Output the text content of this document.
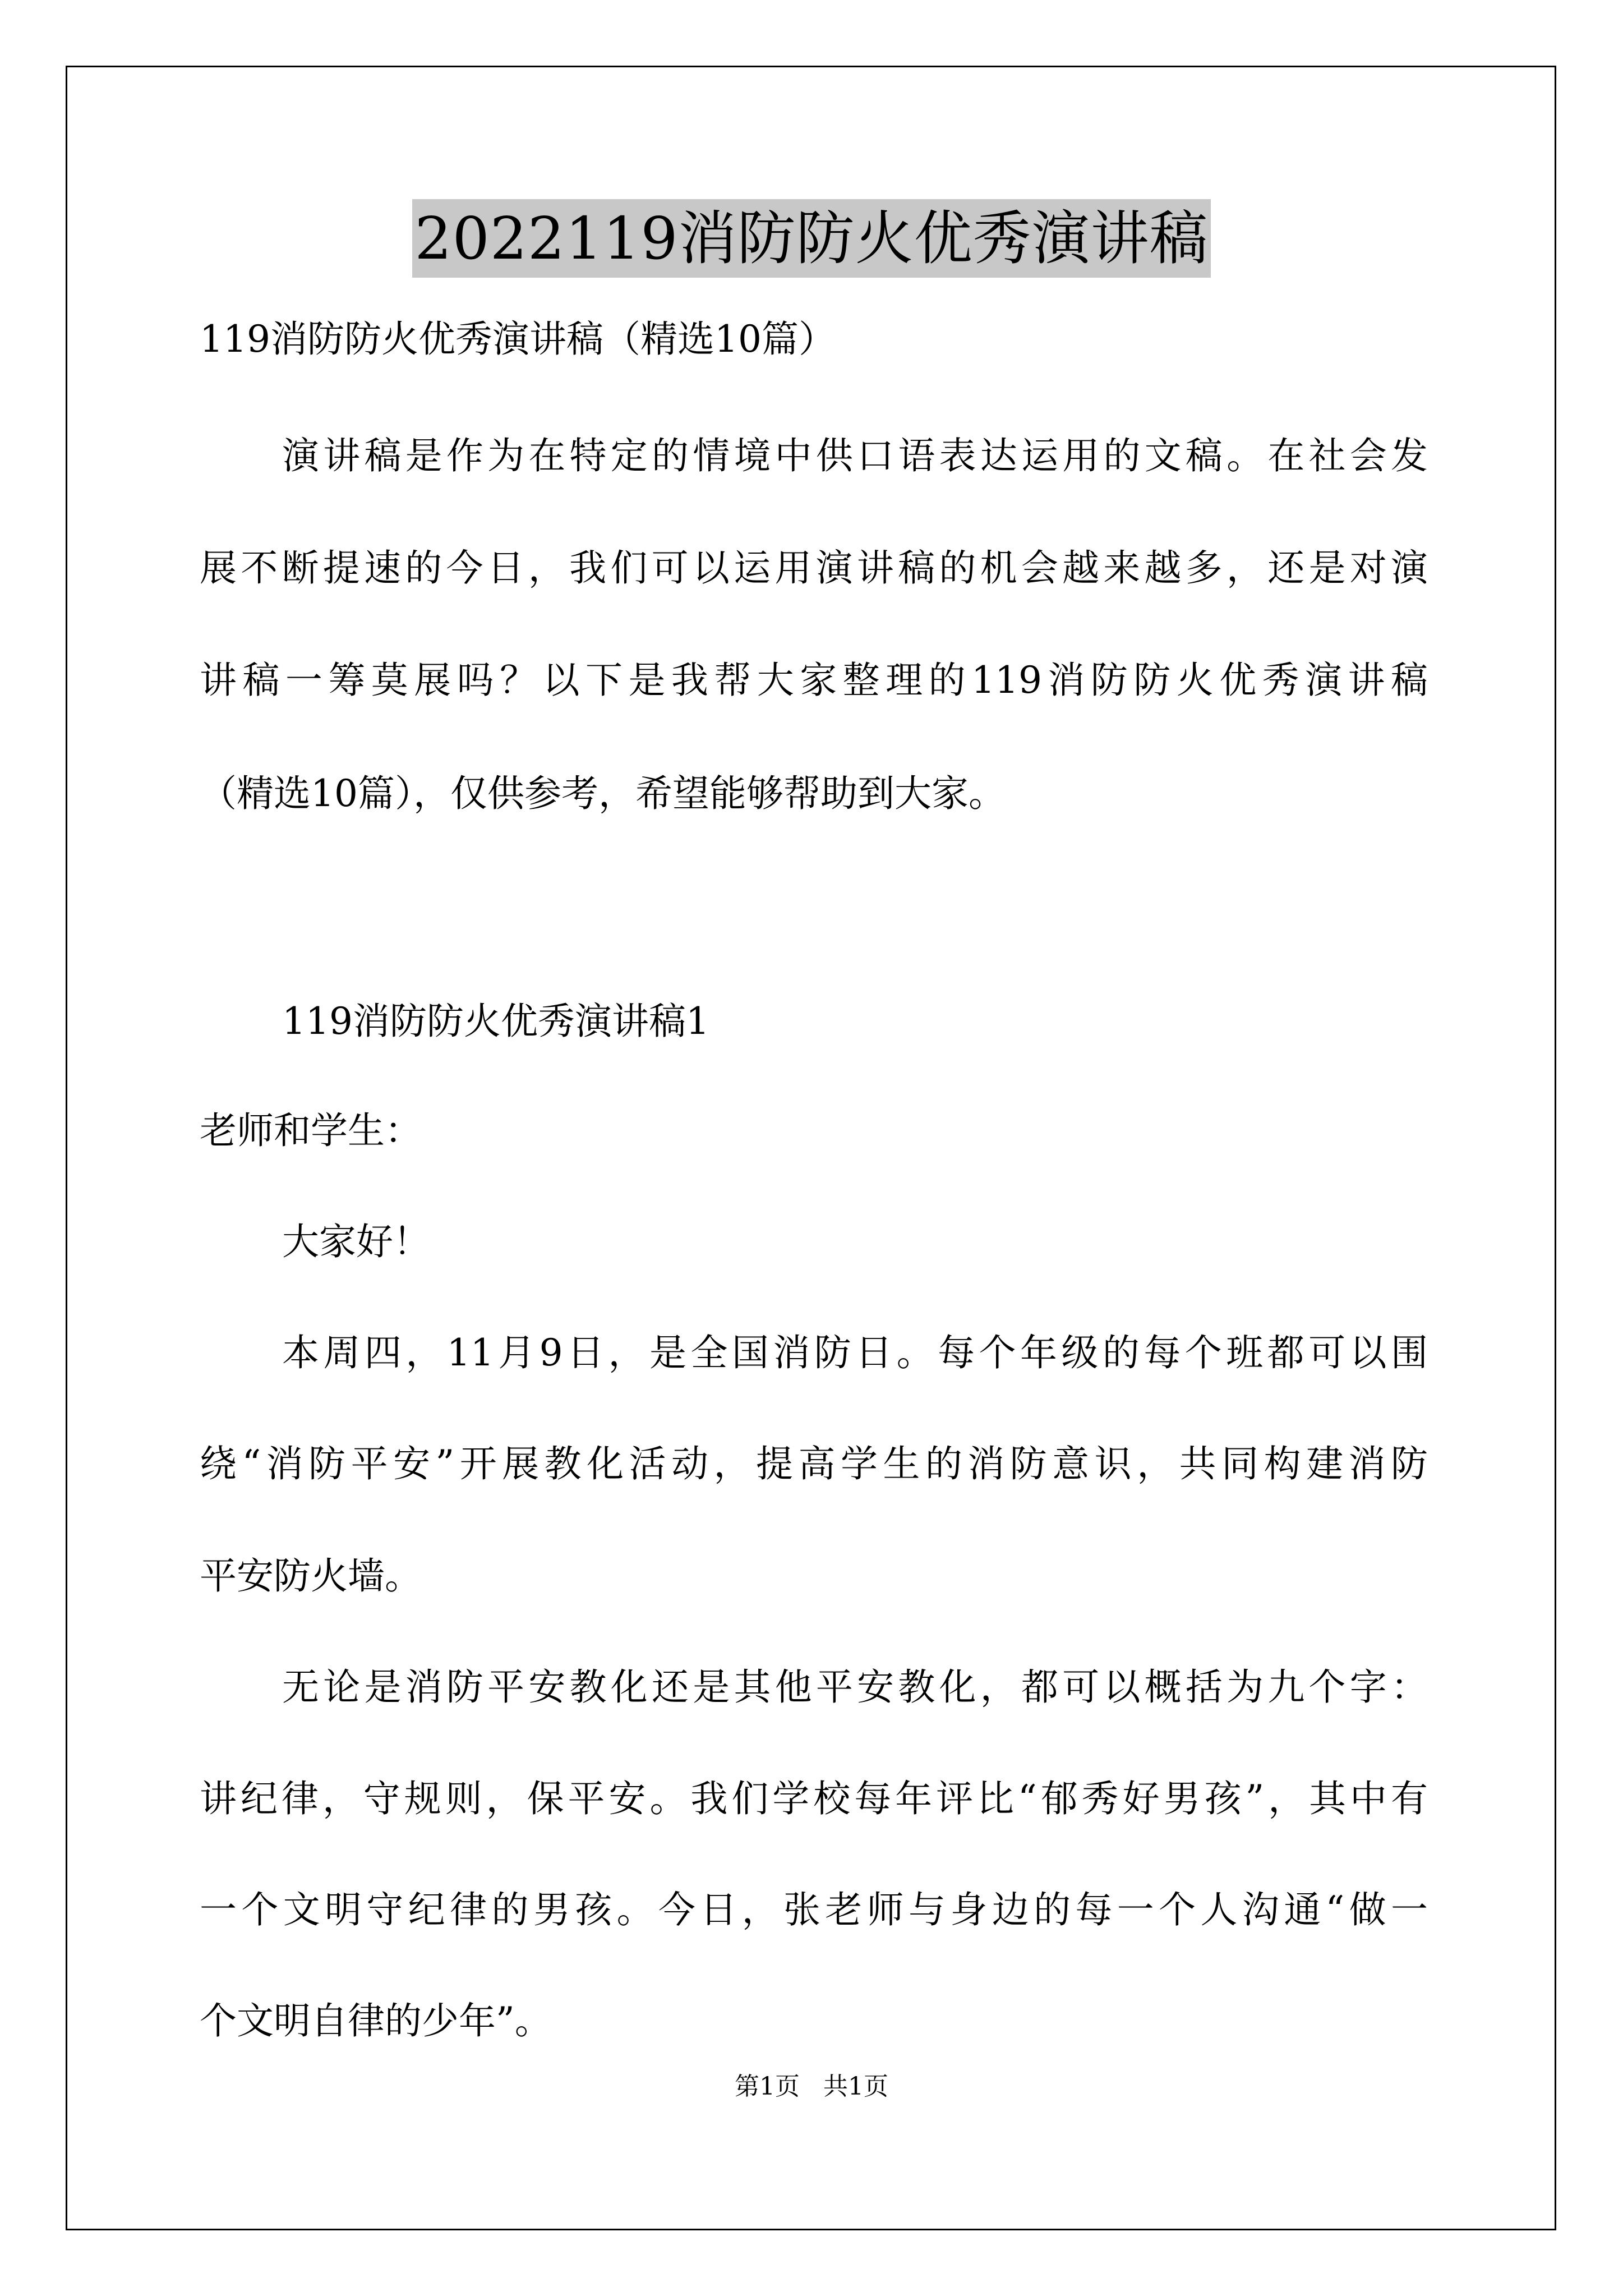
2022119消防防火优秀演讲稿
119消防防火优秀演讲稿（精选10篇）
演讲稿是作为在特定的情境中供口语表达运用的文稿。在社会发
展不断提速的今日，我们可以运用演讲稿的机会越来越多，还是对演
讲稿一筹莫展吗？以下是我帮大家整理的119消防防火优秀演讲稿
（精选10篇），仅供参考，希望能够帮助到大家。
119消防防火优秀演讲稿1
老师和学生：
大家好！
本周四，11月9日，是全国消防日。每个年级的每个班都可以围
绕“消防平安”开展教化活动，提高学生的消防意识，共同构建消防
平安防火墙。
无论是消防平安教化还是其他平安教化，都可以概括为九个字：
讲纪律，守规则，保平安。我们学校每年评比“郁秀好男孩”，其中有
一个文明守纪律的男孩。今日，张老师与身边的每一个人沟通“做一
个文明自律的少年”。
第1页 共1页
